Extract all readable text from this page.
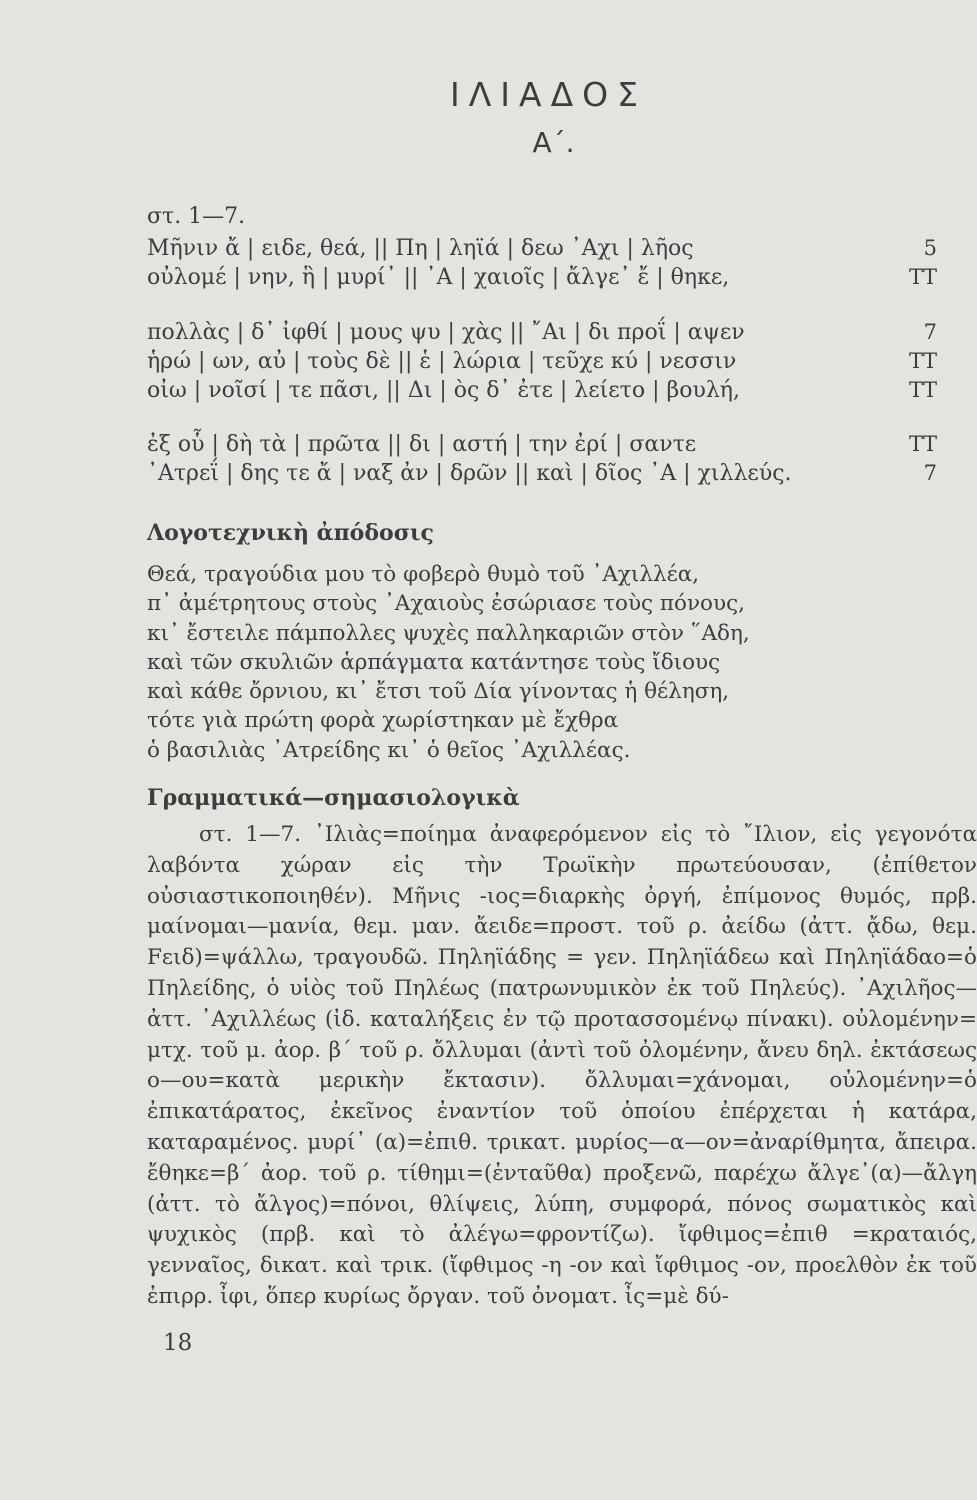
ΙΛΙΑΔΟΣ
Α΄.
στ. 1—7.
Μῆνιν ἄ | ειδε, θεά, || Πη | ληϊά | δεω ᾿Αχι | λῆος	5
οὐλομέ | νην, ἣ | μυρί᾿ || ᾿Α | χαιοῖς | ἄλγε᾿ ἔ | θηκε,	ΤΤ
πολλὰς | δ᾿ ἰφθί | μους ψυ | χὰς || ῎Αι | δι προΐ | αψεν	7
ἡρώ | ων, αὐ | τοὺς δὲ || ἑ | λώρια | τεῦχε κύ | νεσσιν	ΤΤ
οἰω | νοῖσί | τε πᾶσι, || Δι | ὸς δ᾿ ἐτε | λείετο | βουλή,	ΤΤ
ἐξ οὗ | δὴ τὰ | πρῶτα || δι | αστή | την ἐρί | σαντε	ΤΤ
᾿Ατρεΐ | δης τε ἄ | ναξ ἀν | δρῶν || καὶ | δῖος ᾿Α | χιλλεύς.	7
Λογοτεχνικὴ ἀπόδοσις
Θεά, τραγούδια μου τὸ φοβερὸ θυμὸ τοῦ ᾿Αχιλλέα,
π᾿ ἀμέτρητους στοὺς ᾿Αχαιοὺς ἐσώριασε τοὺς πόνους,
κι᾿ ἔστειλε πάμπολλες ψυχὲς παλληκαριῶν στὸν ῞Αδη,
καὶ τῶν σκυλιῶν ἁρπάγματα κατάντησε τοὺς ἴδιους
καὶ κάθε ὄρνιου, κι᾿ ἔτσι τοῦ Δία γίνοντας ἡ θέληση,
τότε γιὰ πρώτη φορὰ χωρίστηκαν μὲ ἔχθρα
ὁ βασιλιὰς ᾿Ατρείδης κι᾿ ὁ θεῖος ᾿Αχιλλέας.
Γραμματικά—σημασιολογικὰ

στ. 1—7. ᾿Ιλιὰς=ποίημα ἀναφερόμενον εἰς τὸ ῎Ιλιον, εἰς γεγονότα λαβόντα χώραν εἰς τὴν Τρωϊκὴν πρωτεύουσαν, (ἐπίθετον οὐσιαστικοποιηθέν). Μῆνις -ιος=διαρκὴς ὀργή, ἐπίμονος θυμός, πρβ. μαίνομαι—μανία, θεμ. μαν. ἄειδε=προστ. τοῦ ρ. ἀείδω (ἀττ. ᾄδω, θεμ. Fειδ)=ψάλλω, τραγουδῶ. Πηληϊάδης = γεν. Πηληϊάδεω καὶ Πηληϊάδαο=ὁ Πηλείδης, ὁ υἱὸς τοῦ Πηλέως (πατρωνυμικὸν ἐκ τοῦ Πηλεύς). ᾿Αχιλῆος—ἀττ. ᾿Αχιλλέως (ἰδ. καταλήξεις ἐν τῷ προτασσομένῳ πίνακι). οὐλομένην= μτχ. τοῦ μ. ἀορ. β΄ τοῦ ρ. ὄλλυμαι (ἀντὶ τοῦ ὀλομένην, ἄνευ δηλ. ἐκτάσεως ο—ου=κατὰ μερικὴν ἔκτασιν). ὄλλυμαι=χάνομαι, οὐλομένην=ὁ ἐπικατάρατος, ἐκεῖνος ἐναντίον τοῦ ὁποίου ἐπέρχεται ἡ κατάρα, καταραμένος. μυρί᾿ (α)=ἐπιθ. τρικατ. μυρίος—α—ον=ἀναρίθμητα, ἄπειρα. ἔθηκε=β΄ ἀορ. τοῦ ρ. τίθημι=(ἐνταῦθα) προξενῶ, παρέχω ἄλγε᾿(α)—ἄλγη (ἀττ. τὸ ἄλγος)=πόνοι, θλίψεις, λύπη, συμφορά, πόνος σωματικὸς καὶ ψυχικὸς (πρβ. καὶ τὸ ἀλέγω=φροντίζω). ἴφθιμος=ἐπιθ =κραταιός, γενναῖος, δικατ. καὶ τρικ. (ἴφθιμος -η -ον καὶ ἴφθιμος -ον, προελθὸν ἐκ τοῦ ἐπιρρ. ἶφι, ὅπερ κυρίως ὄργαν. τοῦ ὀνοματ. ἶς=μὲ δύ-

18
